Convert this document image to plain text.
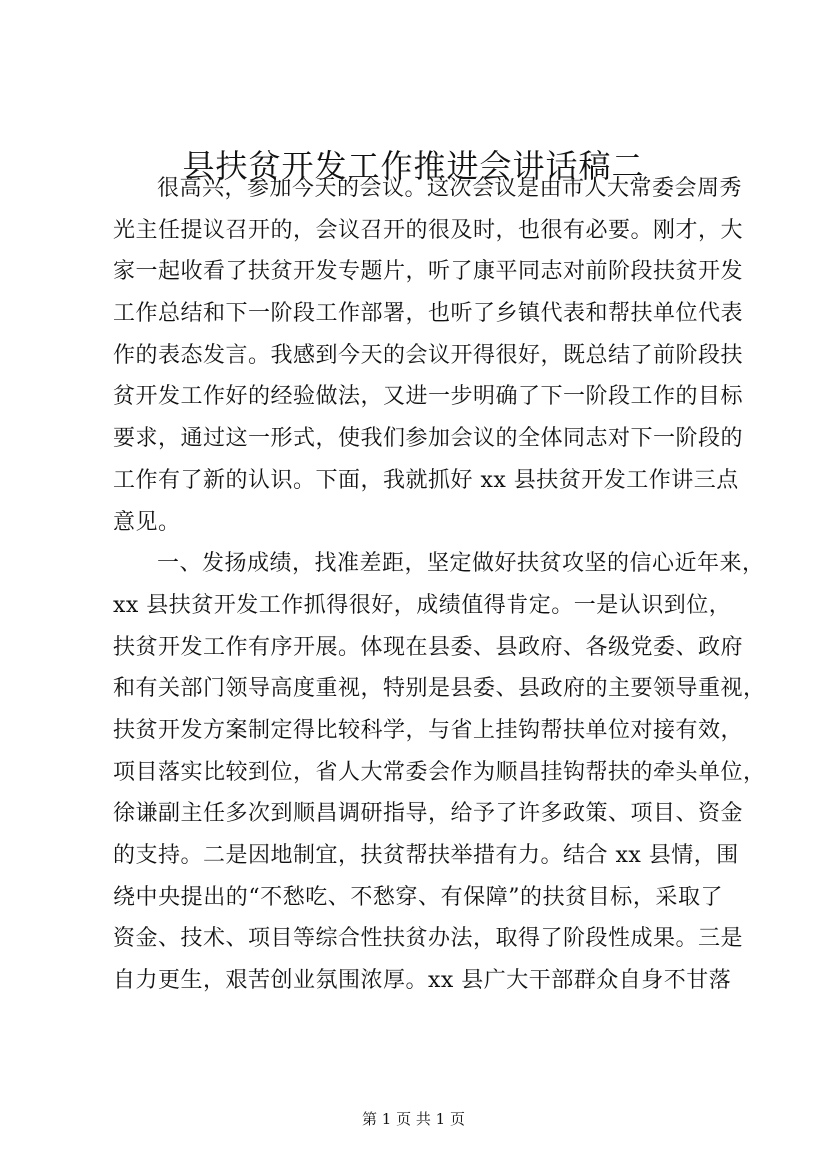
县扶贫开发工作推进会讲话稿二
很高兴，参加今天的会议。这次会议是由市人大常委会周秀
光主任提议召开的，会议召开的很及时，也很有必要。刚才，大
家一起收看了扶贫开发专题片，听了康平同志对前阶段扶贫开发
工作总结和下一阶段工作部署，也听了乡镇代表和帮扶单位代表
作的表态发言。我感到今天的会议开得很好，既总结了前阶段扶
贫开发工作好的经验做法，又进一步明确了下一阶段工作的目标
要求，通过这一形式，使我们参加会议的全体同志对下一阶段的
工作有了新的认识。下面，我就抓好 xx 县扶贫开发工作讲三点
意见。
一、发扬成绩，找准差距，坚定做好扶贫攻坚的信心近年来，
xx 县扶贫开发工作抓得很好，成绩值得肯定。一是认识到位，
扶贫开发工作有序开展。体现在县委、县政府、各级党委、政府
和有关部门领导高度重视，特别是县委、县政府的主要领导重视，
扶贫开发方案制定得比较科学，与省上挂钩帮扶单位对接有效，
项目落实比较到位，省人大常委会作为顺昌挂钩帮扶的牵头单位，
徐谦副主任多次到顺昌调研指导，给予了许多政策、项目、资金
的支持。二是因地制宜，扶贫帮扶举措有力。结合 xx 县情，围
绕中央提出的“不愁吃、不愁穿、有保障”的扶贫目标，采取了
资金、技术、项目等综合性扶贫办法，取得了阶段性成果。三是
自力更生，艰苦创业氛围浓厚。xx 县广大干部群众自身不甘落
第 1 页 共 1 页
